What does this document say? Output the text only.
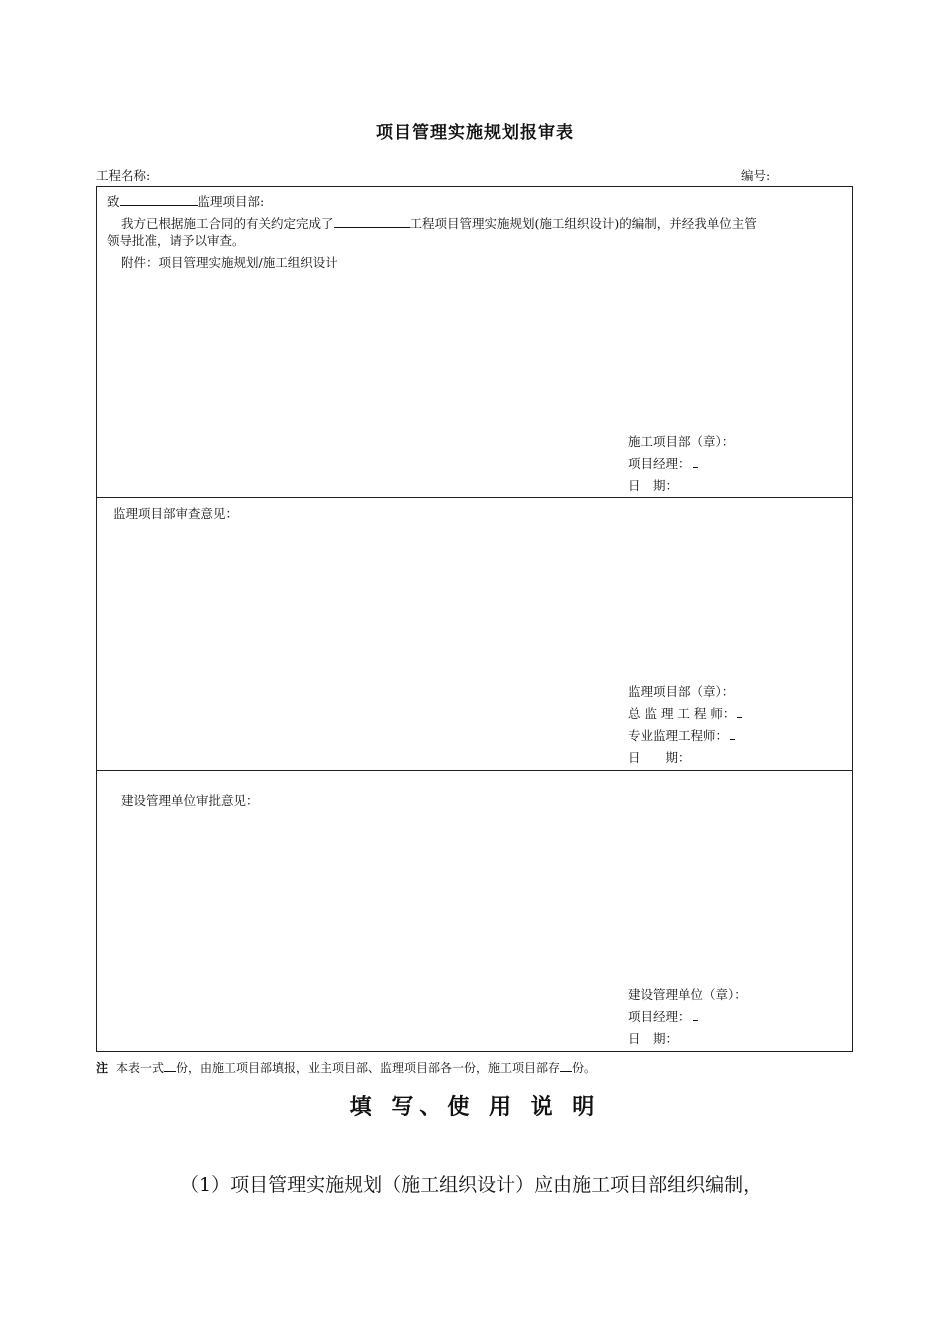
项目管理实施规划报审表
工程名称:	编号:
致	监理项目部:
我方已根据施工合同的有关约定完成了	工程项目管理实施规划(施工组织设计)的编制，并经我单位主管
领导批准，请予以审查。
附件：项目管理实施规划/施工组织设计
施工项目部（章）：
项目经理：
日　期：
监理项目部审查意见：
监理项目部（章）：
总 监 理 工 程 师：
专业监理工程师：
日　　期：
建设管理单位审批意见：
建设管理单位（章）：
项目经理：
日　期：
注 本表一式 份，由施工项目部填报，业主项目部、监理项目部各一份，施工项目部存 份。
填 写、使 用 说 明
（1）项目管理实施规划（施工组织设计）应由施工项目部组织编制，
